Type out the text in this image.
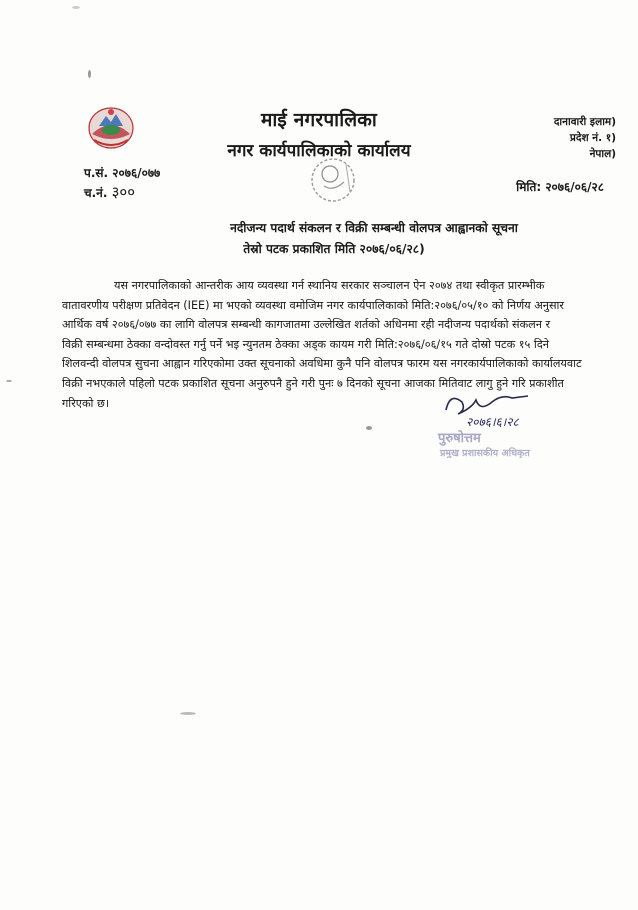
माई नगरपालिका
नगर कार्यपालिकाको कार्यालय
दानावारी इलाम)
प्रदेश नं. १)
नेपाल)
प.सं. २०७६/०७७
च.नं. ३००	मिति: २०७६/०६/२८
नदीजन्य पदार्थ संकलन र विक्री सम्बन्धी वोलपत्र आह्वानको सूचना
तेस्रो पटक प्रकाशित मिति २०७६/०६/२८)
यस नगरपालिकाको आन्तरीक आय व्यवस्था गर्न स्थानिय सरकार सञ्चालन ऐन २०७४ तथा स्वीकृत प्रारम्भीक
वातावरणीय परीक्षण प्रतिवेदन (IEE) मा भएको व्यवस्था वमोजिम नगर कार्यपालिकाको मिति:२०७६/०५/१० को निर्णय अनुसार
आर्थिक वर्ष २०७६/०७७ का लागि वोलपत्र सम्बन्धी कागजातमा उल्लेखित शर्तको अधिनमा रही नदीजन्य पदार्थको संकलन र
विक्री सम्बन्धमा ठेक्का वन्दोवस्त गर्नु पर्ने भइ न्युनतम ठेक्का अड्क कायम गरी मिति:२०७६/०६/१५ गते दोस्रो पटक १५ दिने
शिलवन्दी वोलपत्र सुचना आह्वान गरिएकोमा उक्त सूचनाको अवधिमा कुनै पनि वोलपत्र फारम यस नगरकार्यपालिकाको कार्यालयवाट
विक्री नभएकाले पहिलो पटक प्रकाशित सूचना अनुरुपनै हुने गरी पुनः ७ दिनको सूचना आजका मितिवाट लागु हुने गरि प्रकाशीत
गरिएको छ।
२०७६।६।२८
पुरुषोत्तम
प्रमुख प्रशासकीय अधिकृत
